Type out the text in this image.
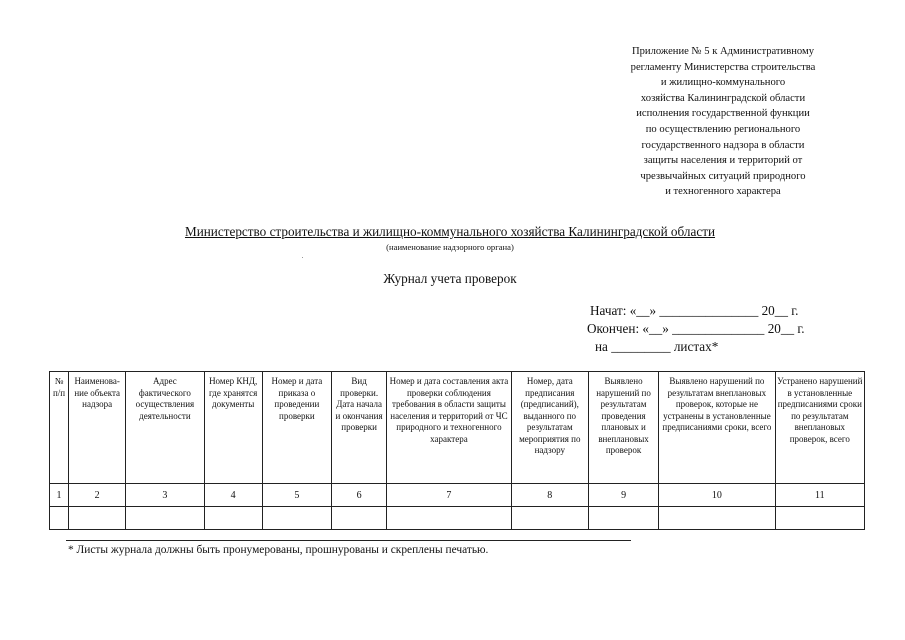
Приложение № 5 к Административному
регламенту Министерства строительства
и жилищно-коммунального
хозяйства Калининградской области
исполнения государственной функции
по осуществлению регионального
государственного надзора в области
защиты населения и территорий от
чрезвычайных ситуаций природного
и техногенного характера
Министерство строительства и жилищно-коммунального хозяйства Калининградской области
(наименование надзорного органа)
Журнал учета проверок
Начат: «__» _______________ 20__ г.
Окончен: «__» ______________ 20__ г.
на _________ листах*
№ п/п	Наименова-ние объекта надзора	Адрес фактического осуществления деятельности	Номер КНД, где хранятся документы	Номер и дата приказа о проведении проверки	Вид проверки. Дата начала и окончания проверки	Номер и дата составления акта проверки соблюдения требования в области защиты населения и территорий от ЧС природного и техногенного характера	Номер, дата предписания (предписаний), выданного по результатам мероприятия по надзору	Выявлено нарушений по результатам проведения плановых и внеплановых проверок	Выявлено нарушений по результатам внеплановых проверок, которые не устранены в установленные предписаниями сроки, всего	Устранено нарушений в установленные предписаниями сроки по результатам внеплановых проверок, всего
1	2	3	4	5	6	7	8	9	10	11

* Листы журнала должны быть пронумерованы, прошнурованы и скреплены печатью.
